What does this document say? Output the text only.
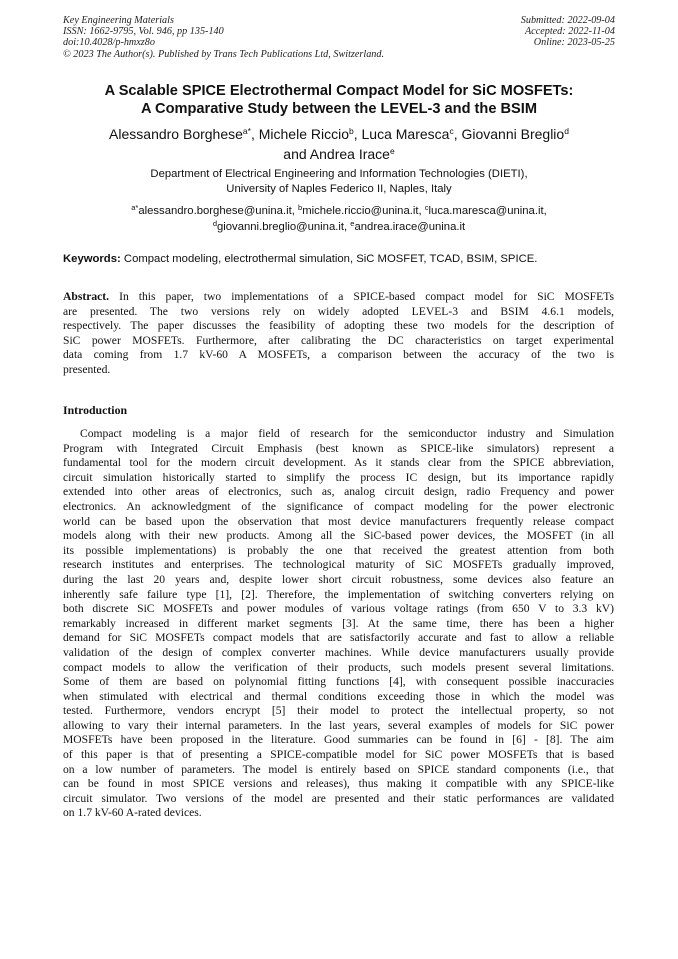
Key Engineering Materials
ISSN: 1662-9795, Vol. 946, pp 135-140
doi:10.4028/p-hmxz8o
© 2023 The Author(s). Published by Trans Tech Publications Ltd, Switzerland.
Submitted: 2022-09-04
Accepted: 2022-11-04
Online: 2023-05-25
A Scalable SPICE Electrothermal Compact Model for SiC MOSFETs:
A Comparative Study between the LEVEL-3 and the BSIM
Alessandro Borghese$^{a*}$, Michele Riccio$^b$, Luca Maresca$^c$, Giovanni Breglio$^d$
and Andrea Irace$^e$
Department of Electrical Engineering and Information Technologies (DIETI),
University of Naples Federico II, Naples, Italy
$^{a*}$alessandro.borghese@unina.it, $^b$michele.riccio@unina.it, $^c$luca.maresca@unina.it,
$^d$giovanni.breglio@unina.it, $^e$andrea.irace@unina.it
Keywords: Compact modeling, electrothermal simulation, SiC MOSFET, TCAD, BSIM, SPICE.
Abstract. In this paper, two implementations of a SPICE-based compact model for SiC MOSFETs
are presented. The two versions rely on widely adopted LEVEL-3 and BSIM 4.6.1 models,
respectively. The paper discusses the feasibility of adopting these two models for the description of
SiC power MOSFETs. Furthermore, after calibrating the DC characteristics on target experimental
data coming from 1.7 kV-60 A MOSFETs, a comparison between the accuracy of the two is
presented.
Introduction
Compact modeling is a major field of research for the semiconductor industry and Simulation
Program with Integrated Circuit Emphasis (best known as SPICE-like simulators) represent a
fundamental tool for the modern circuit development. As it stands clear from the SPICE abbreviation,
circuit simulation historically started to simplify the process IC design, but its importance rapidly
extended into other areas of electronics, such as, analog circuit design, radio Frequency and power
electronics. An acknowledgment of the significance of compact modeling for the power electronic
world can be based upon the observation that most device manufacturers frequently release compact
models along with their new products. Among all the SiC-based power devices, the MOSFET (in all
its possible implementations) is probably the one that received the greatest attention from both
research institutes and enterprises. The technological maturity of SiC MOSFETs gradually improved,
during the last 20 years and, despite lower short circuit robustness, some devices also feature an
inherently safe failure type [1], [2]. Therefore, the implementation of switching converters relying on
both discrete SiC MOSFETs and power modules of various voltage ratings (from 650 V to 3.3 kV)
remarkably increased in different market segments [3]. At the same time, there has been a higher
demand for SiC MOSFETs compact models that are satisfactorily accurate and fast to allow a reliable
validation of the design of complex converter machines. While device manufacturers usually provide
compact models to allow the verification of their products, such models present several limitations.
Some of them are based on polynomial fitting functions [4], with consequent possible inaccuracies
when stimulated with electrical and thermal conditions exceeding those in which the model was
tested. Furthermore, vendors encrypt [5] their model to protect the intellectual property, so not
allowing to vary their internal parameters. In the last years, several examples of models for SiC power
MOSFETs have been proposed in the literature. Good summaries can be found in [6] - [8]. The aim
of this paper is that of presenting a SPICE-compatible model for SiC power MOSFETs that is based
on a low number of parameters. The model is entirely based on SPICE standard components (i.e., that
can be found in most SPICE versions and releases), thus making it compatible with any SPICE-like
circuit simulator. Two versions of the model are presented and their static performances are validated
on 1.7 kV-60 A-rated devices.
